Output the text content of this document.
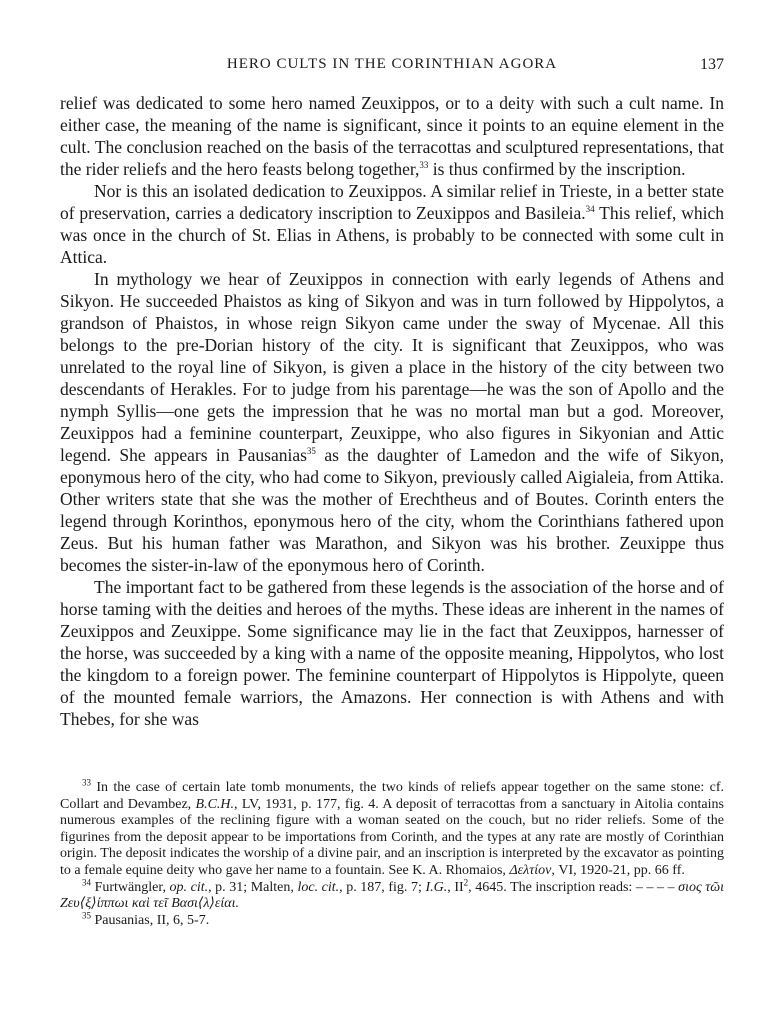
HERO CULTS IN THE CORINTHIAN AGORA	137

relief was dedicated to some hero named Zeuxippos, or to a deity with such a cult name. In either case, the meaning of the name is significant, since it points to an equine element in the cult. The conclusion reached on the basis of the terracottas and sculptured representations, that the rider reliefs and the hero feasts belong together,$^{33}$ is thus confirmed by the inscription.

Nor is this an isolated dedication to Zeuxippos. A similar relief in Trieste, in a better state of preservation, carries a dedicatory inscription to Zeuxippos and Basileia.$^{34}$ This relief, which was once in the church of St. Elias in Athens, is probably to be connected with some cult in Attica.

In mythology we hear of Zeuxippos in connection with early legends of Athens and Sikyon. He succeeded Phaistos as king of Sikyon and was in turn followed by Hippolytos, a grandson of Phaistos, in whose reign Sikyon came under the sway of Mycenae. All this belongs to the pre-Dorian history of the city. It is significant that Zeuxippos, who was unrelated to the royal line of Sikyon, is given a place in the history of the city between two descendants of Herakles. For to judge from his parentage—he was the son of Apollo and the nymph Syllis—one gets the impression that he was no mortal man but a god. Moreover, Zeuxippos had a feminine counterpart, Zeuxippe, who also figures in Sikyonian and Attic legend. She appears in Pausanias$^{35}$ as the daughter of Lamedon and the wife of Sikyon, eponymous hero of the city, who had come to Sikyon, previously called Aigialeia, from Attika. Other writers state that she was the mother of Erechtheus and of Boutes. Corinth enters the legend through Korinthos, eponymous hero of the city, whom the Corinthians fathered upon Zeus. But his human father was Marathon, and Sikyon was his brother. Zeuxippe thus becomes the sister-in-law of the eponymous hero of Corinth.

The important fact to be gathered from these legends is the association of the horse and of horse taming with the deities and heroes of the myths. These ideas are inherent in the names of Zeuxippos and Zeuxippe. Some significance may lie in the fact that Zeuxippos, harnesser of the horse, was succeeded by a king with a name of the opposite meaning, Hippolytos, who lost the kingdom to a foreign power. The feminine counterpart of Hippolytos is Hippolyte, queen of the mounted female warriors, the Amazons. Her connection is with Athens and with Thebes, for she was

$^{33}$ In the case of certain late tomb monuments, the two kinds of reliefs appear together on the same stone: cf. Collart and Devambez, B.C.H., LV, 1931, p. 177, fig. 4. A deposit of terracottas from a sanctuary in Aitolia contains numerous examples of the reclining figure with a woman seated on the couch, but no rider reliefs. Some of the figurines from the deposit appear to be importations from Corinth, and the types at any rate are mostly of Corinthian origin. The deposit indicates the worship of a divine pair, and an inscription is interpreted by the excavator as pointing to a female equine deity who gave her name to a fountain. See K. A. Rhomaios, Δελτίον, VI, 1920-21, pp. 66 ff.

$^{34}$ Furtwängler, op. cit., p. 31; Malten, loc. cit., p. 187, fig. 7; I.G., $II^2$, 4645. The inscription reads: – – – – σιος τῶι Ζευ⟨ξ⟩ίππωι καὶ τεῖ Βασι⟨λ⟩είαι.

$^{35}$ Pausanias, II, 6, 5-7.
